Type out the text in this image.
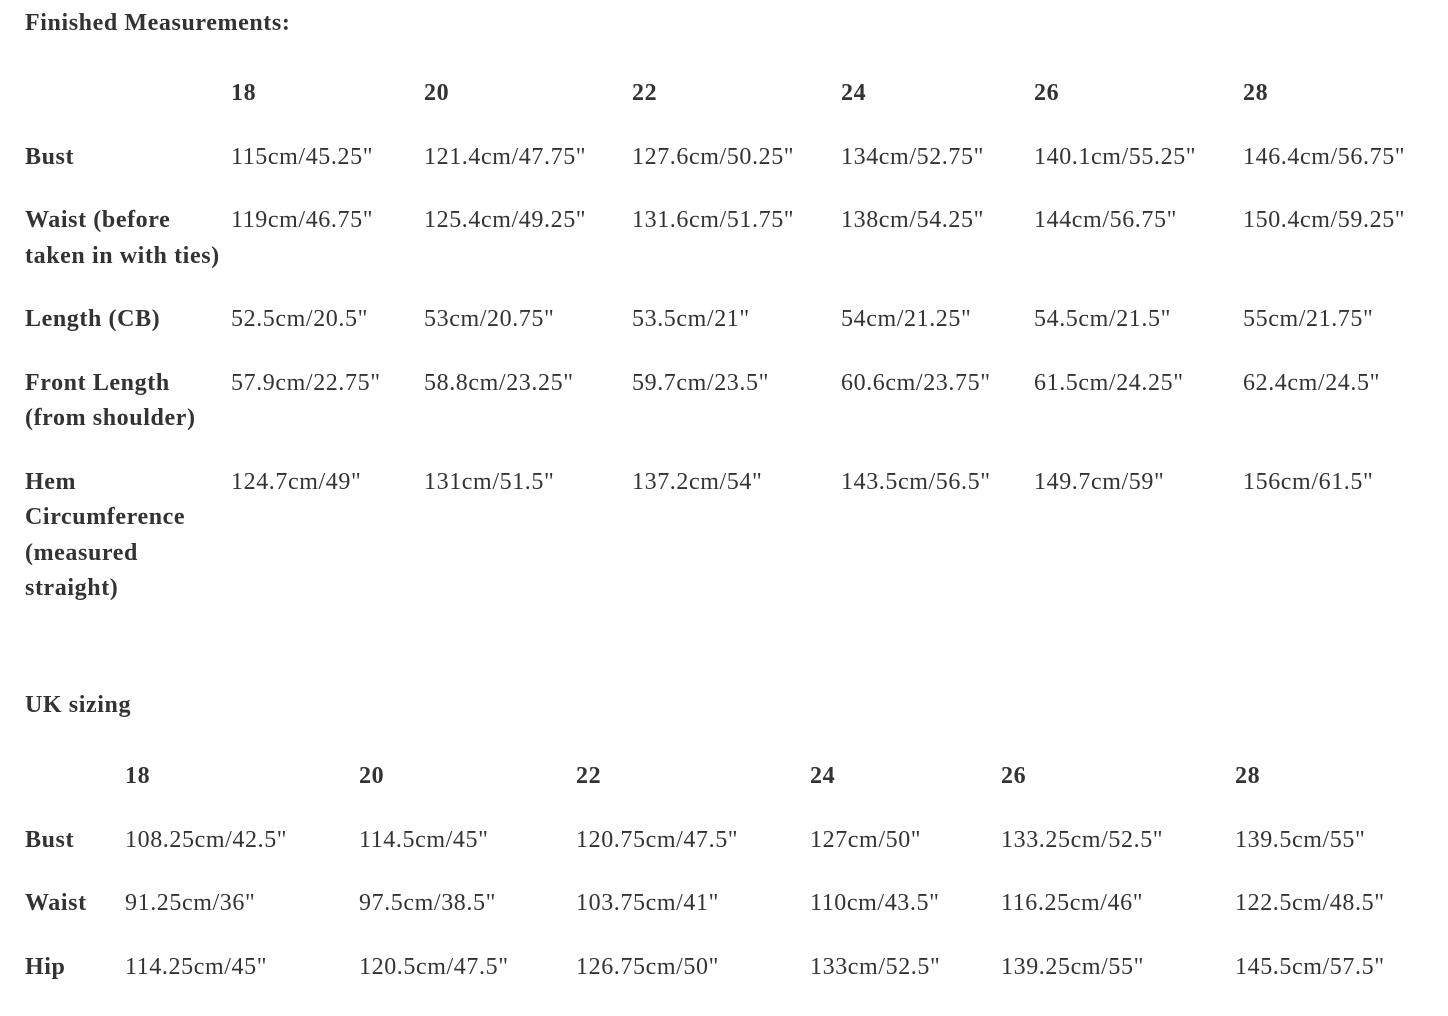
Finished Measurements:
	18	20	22	24	26	28
Bust	115cm/45.25"	121.4cm/47.75"	127.6cm/50.25"	134cm/52.75"	140.1cm/55.25"	146.4cm/56.75"
Waist (before taken in with ties)	119cm/46.75"	125.4cm/49.25"	131.6cm/51.75"	138cm/54.25"	144cm/56.75"	150.4cm/59.25"
Length (CB)	52.5cm/20.5"	53cm/20.75"	53.5cm/21"	54cm/21.25"	54.5cm/21.5"	55cm/21.75"
Front Length (from shoulder)	57.9cm/22.75"	58.8cm/23.25"	59.7cm/23.5"	60.6cm/23.75"	61.5cm/24.25"	62.4cm/24.5"
Hem Circumference (measured straight)	124.7cm/49"	131cm/51.5"	137.2cm/54"	143.5cm/56.5"	149.7cm/59"	156cm/61.5"
UK sizing
	18	20	22	24	26	28
Bust	108.25cm/42.5"	114.5cm/45"	120.75cm/47.5"	127cm/50"	133.25cm/52.5"	139.5cm/55"
Waist	91.25cm/36"	97.5cm/38.5"	103.75cm/41"	110cm/43.5"	116.25cm/46"	122.5cm/48.5"
Hip	114.25cm/45"	120.5cm/47.5"	126.75cm/50"	133cm/52.5"	139.25cm/55"	145.5cm/57.5"
